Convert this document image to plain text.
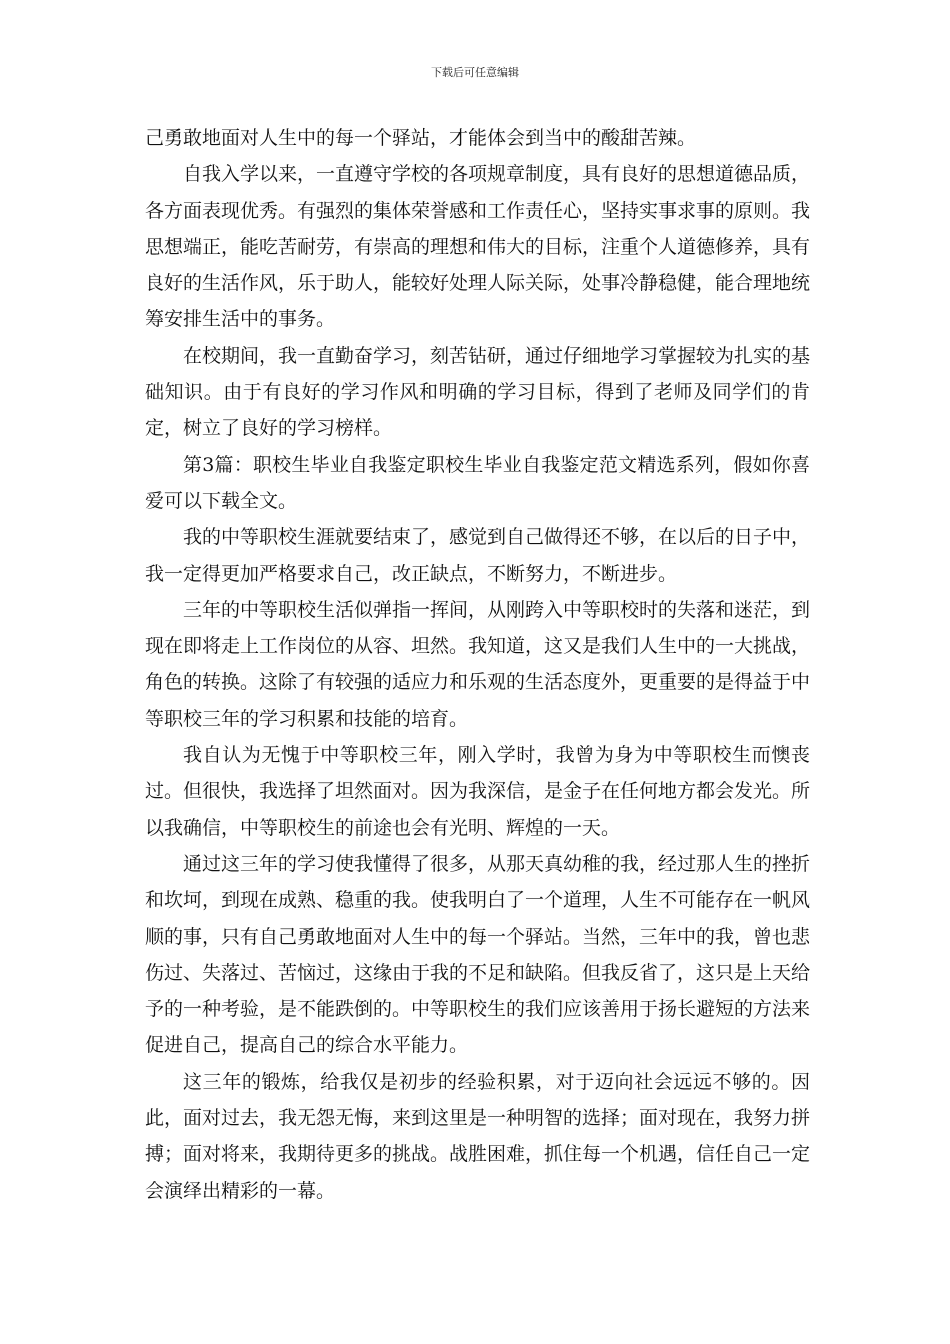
下载后可任意编辑

己勇敢地面对人生中的每一个驿站，才能体会到当中的酸甜苦辣。

自我入学以来，一直遵守学校的各项规章制度，具有良好的思想道德品质，各方面表现优秀。有强烈的集体荣誉感和工作责任心，坚持实事求事的原则。我思想端正，能吃苦耐劳，有崇高的理想和伟大的目标，注重个人道德修养，具有良好的生活作风，乐于助人，能较好处理人际关际，处事冷静稳健，能合理地统筹安排生活中的事务。

在校期间，我一直勤奋学习，刻苦钻研，通过仔细地学习掌握较为扎实的基础知识。由于有良好的学习作风和明确的学习目标，得到了老师及同学们的肯定，树立了良好的学习榜样。

第3篇：职校生毕业自我鉴定职校生毕业自我鉴定范文精选系列，假如你喜爱可以下载全文。

我的中等职校生涯就要结束了，感觉到自己做得还不够，在以后的日子中，我一定得更加严格要求自己，改正缺点，不断努力，不断进步。

三年的中等职校生活似弹指一挥间，从刚跨入中等职校时的失落和迷茫，到现在即将走上工作岗位的从容、坦然。我知道，这又是我们人生中的一大挑战，角色的转换。这除了有较强的适应力和乐观的生活态度外，更重要的是得益于中等职校三年的学习积累和技能的培育。

我自认为无愧于中等职校三年，刚入学时，我曾为身为中等职校生而懊丧过。但很快，我选择了坦然面对。因为我深信，是金子在任何地方都会发光。所以我确信，中等职校生的前途也会有光明、辉煌的一天。

通过这三年的学习使我懂得了很多，从那天真幼稚的我，经过那人生的挫折和坎坷，到现在成熟、稳重的我。使我明白了一个道理，人生不可能存在一帆风顺的事，只有自己勇敢地面对人生中的每一个驿站。当然，三年中的我，曾也悲伤过、失落过、苦恼过，这缘由于我的不足和缺陷。但我反省了，这只是上天给予的一种考验，是不能跌倒的。中等职校生的我们应该善用于扬长避短的方法来促进自己，提高自己的综合水平能力。

这三年的锻炼，给我仅是初步的经验积累，对于迈向社会远远不够的。因此，面对过去，我无怨无悔，来到这里是一种明智的选择；面对现在，我努力拼搏；面对将来，我期待更多的挑战。战胜困难，抓住每一个机遇，信任自己一定会演绎出精彩的一幕。
